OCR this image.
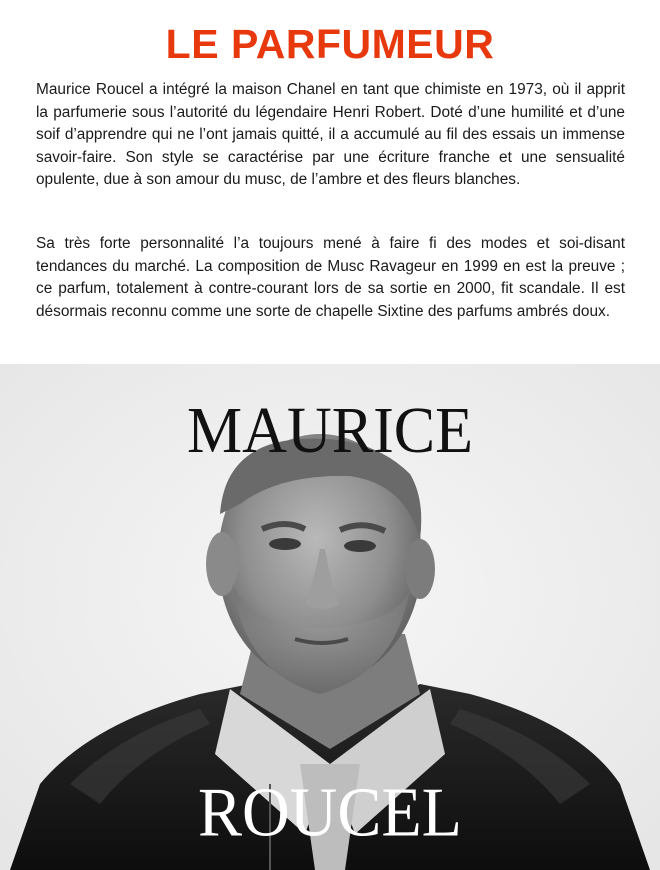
LE PARFUMEUR

Maurice Roucel a intégré la maison Chanel en tant que chimiste en 1973, où il apprit la parfumerie sous l’autorité du légendaire Henri Robert. Doté d’une humilité et d’une soif d’apprendre qui ne l’ont jamais quitté, il a accumulé au fil des essais un immense savoir-faire. Son style se caractérise par une écriture franche et une sensualité opulente, due à son amour du musc, de l’ambre et des fleurs blanches.

Sa très forte personnalité l’a toujours mené à faire fi des modes et soi-disant tendances du marché. La composition de Musc Ravageur en 1999 en est la preuve ; ce parfum, totalement à contre-courant lors de sa sortie en 2000, fit scandale. Il est désormais reconnu comme une sorte de chapelle Sixtine des parfums ambrés doux.

MAURICE
ROUCEL
